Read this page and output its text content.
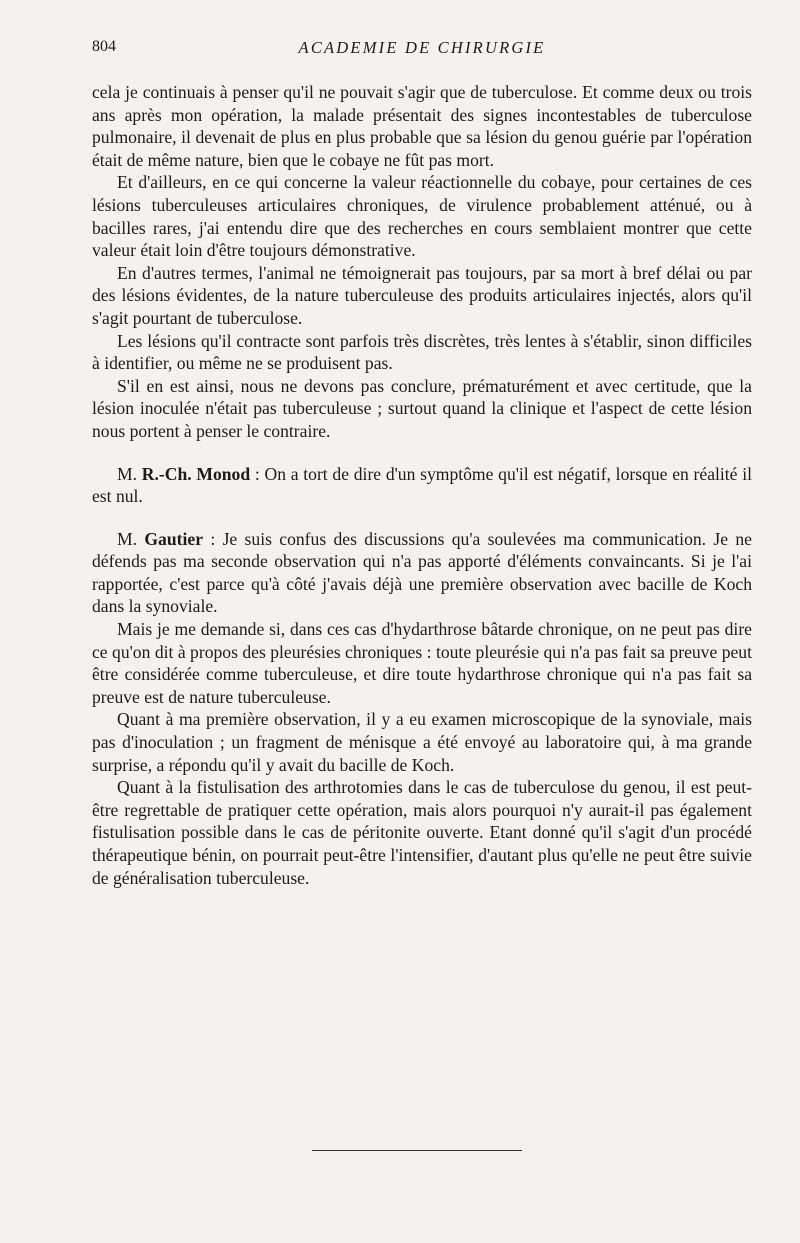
804	ACADEMIE DE CHIRURGIE

cela je continuais à penser qu'il ne pouvait s'agir que de tuberculose. Et comme deux ou trois ans après mon opération, la malade présentait des signes incontestables de tuberculose pulmonaire, il devenait de plus en plus probable que sa lésion du genou guérie par l'opération était de même nature, bien que le cobaye ne fût pas mort.

Et d'ailleurs, en ce qui concerne la valeur réactionnelle du cobaye, pour certaines de ces lésions tuberculeuses articulaires chroniques, de virulence probablement atténué, ou à bacilles rares, j'ai entendu dire que des recherches en cours semblaient montrer que cette valeur était loin d'être toujours démonstrative.

En d'autres termes, l'animal ne témoignerait pas toujours, par sa mort à bref délai ou par des lésions évidentes, de la nature tuberculeuse des produits articulaires injectés, alors qu'il s'agit pourtant de tuberculose.

Les lésions qu'il contracte sont parfois très discrètes, très lentes à s'établir, sinon difficiles à identifier, ou même ne se produisent pas.

S'il en est ainsi, nous ne devons pas conclure, prématurément et avec certitude, que la lésion inoculée n'était pas tuberculeuse ; surtout quand la clinique et l'aspect de cette lésion nous portent à penser le contraire.

M. R.-Ch. Monod : On a tort de dire d'un symptôme qu'il est négatif, lorsque en réalité il est nul.

M. Gautier : Je suis confus des discussions qu'a soulevées ma communication. Je ne défends pas ma seconde observation qui n'a pas apporté d'éléments convaincants. Si je l'ai rapportée, c'est parce qu'à côté j'avais déjà une première observation avec bacille de Koch dans la synoviale.

Mais je me demande si, dans ces cas d'hydarthrose bâtarde chronique, on ne peut pas dire ce qu'on dit à propos des pleurésies chroniques : toute pleurésie qui n'a pas fait sa preuve peut être considérée comme tuberculeuse, et dire toute hydarthrose chronique qui n'a pas fait sa preuve est de nature tuberculeuse.

Quant à ma première observation, il y a eu examen microscopique de la synoviale, mais pas d'inoculation ; un fragment de ménisque a été envoyé au laboratoire qui, à ma grande surprise, a répondu qu'il y avait du bacille de Koch.

Quant à la fistulisation des arthrotomies dans le cas de tuberculose du genou, il est peut-être regrettable de pratiquer cette opération, mais alors pourquoi n'y aurait-il pas également fistulisation possible dans le cas de péritonite ouverte. Etant donné qu'il s'agit d'un procédé thérapeutique bénin, on pourrait peut-être l'intensifier, d'autant plus qu'elle ne peut être suivie de généralisation tuberculeuse.
